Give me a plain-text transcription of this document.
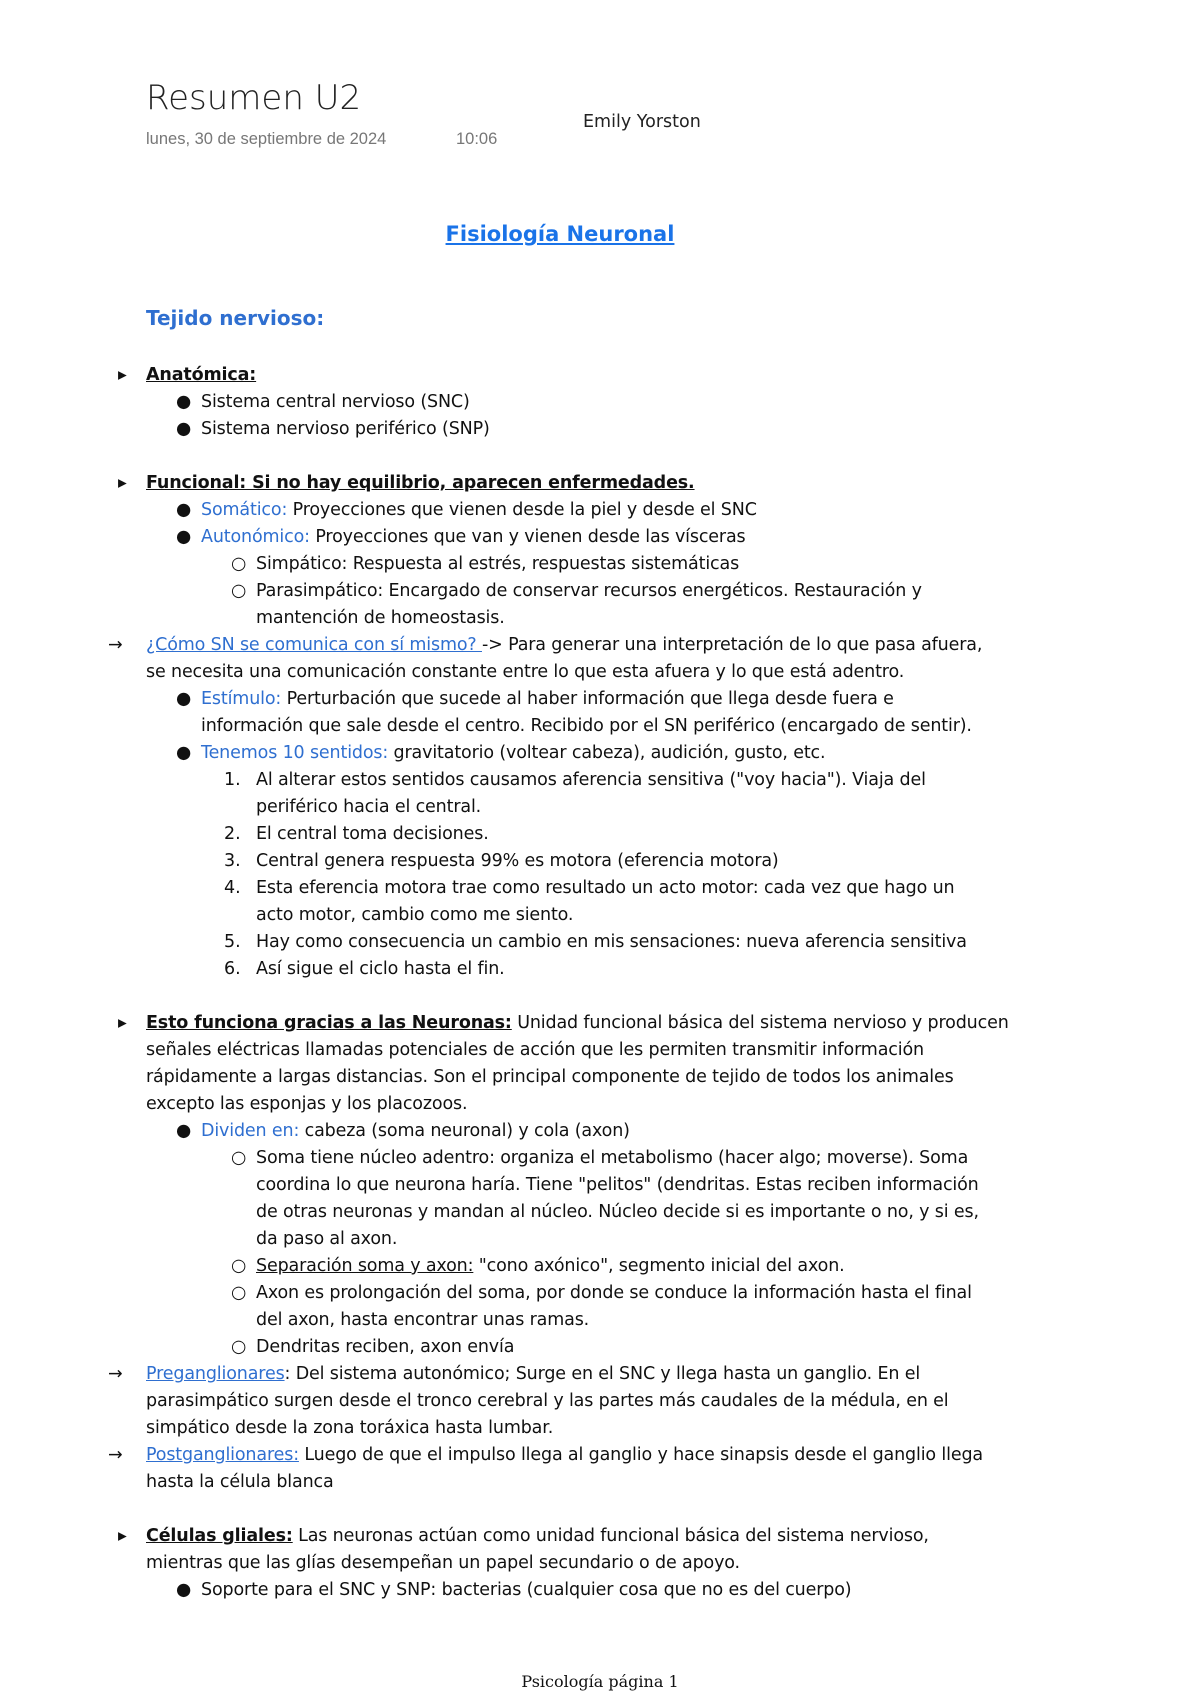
Resumen U2
lunes, 30 de septiembre de 2024	10:06
Emily Yorston
Fisiología Neuronal
Tejido nervioso:
▸ Anatómica:
● Sistema central nervioso (SNC)
● Sistema nervioso periférico (SNP)
▸ Funcional: Si no hay equilibrio, aparecen enfermedades.
● Somático: Proyecciones que vienen desde la piel y desde el SNC
● Autonómico: Proyecciones que van y vienen desde las vísceras
○ Simpático: Respuesta al estrés, respuestas sistemáticas
○ Parasimpático: Encargado de conservar recursos energéticos. Restauración y
mantención de homeostasis.
→ ¿Cómo SN se comunica con sí mismo? -> Para generar una interpretación de lo que pasa afuera,
se necesita una comunicación constante entre lo que esta afuera y lo que está adentro.
● Estímulo: Perturbación que sucede al haber información que llega desde fuera e
información que sale desde el centro. Recibido por el SN periférico (encargado de sentir).
● Tenemos 10 sentidos: gravitatorio (voltear cabeza), audición, gusto, etc.
1. Al alterar estos sentidos causamos aferencia sensitiva ("voy hacia"). Viaja del
periférico hacia el central.
2. El central toma decisiones.
3. Central genera respuesta 99% es motora (eferencia motora)
4. Esta eferencia motora trae como resultado un acto motor: cada vez que hago un
acto motor, cambio como me siento.
5. Hay como consecuencia un cambio en mis sensaciones: nueva aferencia sensitiva
6. Así sigue el ciclo hasta el fin.
▸ Esto funciona gracias a las Neuronas: Unidad funcional básica del sistema nervioso y producen
señales eléctricas llamadas potenciales de acción que les permiten transmitir información
rápidamente a largas distancias. Son el principal componente de tejido de todos los animales
excepto las esponjas y los placozoos.
● Dividen en: cabeza (soma neuronal) y cola (axon)
○ Soma tiene núcleo adentro: organiza el metabolismo (hacer algo; moverse). Soma
coordina lo que neurona haría. Tiene "pelitos" (dendritas. Estas reciben información
de otras neuronas y mandan al núcleo. Núcleo decide si es importante o no, y si es,
da paso al axon.
○ Separación soma y axon: "cono axónico", segmento inicial del axon.
○ Axon es prolongación del soma, por donde se conduce la información hasta el final
del axon, hasta encontrar unas ramas.
○ Dendritas reciben, axon envía
→ Preganglionares: Del sistema autonómico; Surge en el SNC y llega hasta un ganglio. En el
parasimpático surgen desde el tronco cerebral y las partes más caudales de la médula, en el
simpático desde la zona toráxica hasta lumbar.
→ Postganglionares: Luego de que el impulso llega al ganglio y hace sinapsis desde el ganglio llega
hasta la célula blanca
▸ Células gliales: Las neuronas actúan como unidad funcional básica del sistema nervioso,
mientras que las glías desempeñan un papel secundario o de apoyo.
● Soporte para el SNC y SNP: bacterias (cualquier cosa que no es del cuerpo)
Psicología página 1
